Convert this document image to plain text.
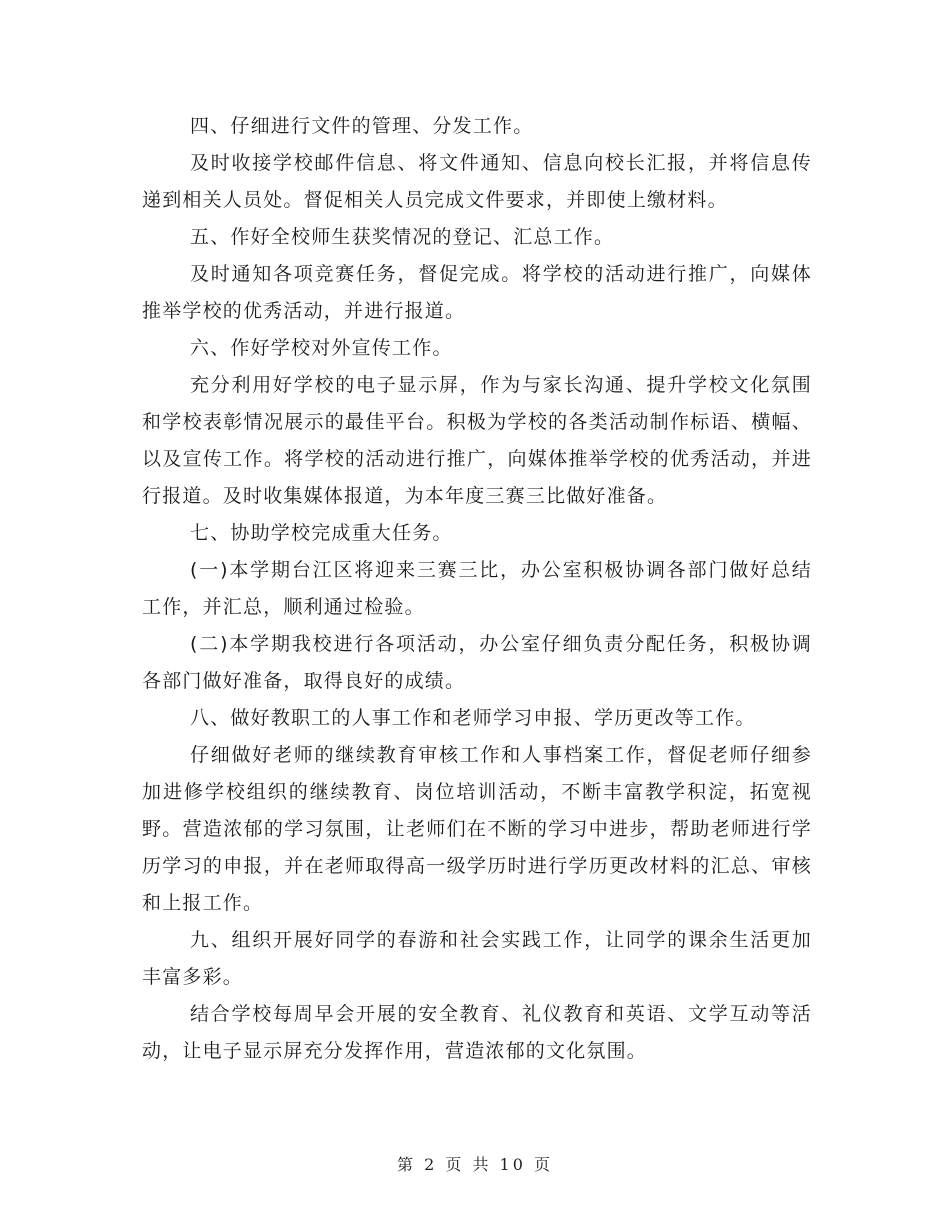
四、仔细进行文件的管理、分发工作。

及时收接学校邮件信息、将文件通知、信息向校长汇报，并将信息传递到相关人员处。督促相关人员完成文件要求，并即使上缴材料。

五、作好全校师生获奖情况的登记、汇总工作。

及时通知各项竞赛任务，督促完成。将学校的活动进行推广，向媒体推举学校的优秀活动，并进行报道。

六、作好学校对外宣传工作。

充分利用好学校的电子显示屏，作为与家长沟通、提升学校文化氛围和学校表彰情况展示的最佳平台。积极为学校的各类活动制作标语、横幅、以及宣传工作。将学校的活动进行推广，向媒体推举学校的优秀活动，并进行报道。及时收集媒体报道，为本年度三赛三比做好准备。

七、协助学校完成重大任务。

(一)本学期台江区将迎来三赛三比，办公室积极协调各部门做好总结工作，并汇总，顺利通过检验。

(二)本学期我校进行各项活动，办公室仔细负责分配任务，积极协调各部门做好准备，取得良好的成绩。

八、做好教职工的人事工作和老师学习申报、学历更改等工作。

仔细做好老师的继续教育审核工作和人事档案工作，督促老师仔细参加进修学校组织的继续教育、岗位培训活动，不断丰富教学积淀，拓宽视野。营造浓郁的学习氛围，让老师们在不断的学习中进步，帮助老师进行学历学习的申报，并在老师取得高一级学历时进行学历更改材料的汇总、审核和上报工作。

九、组织开展好同学的春游和社会实践工作，让同学的课余生活更加丰富多彩。

结合学校每周早会开展的安全教育、礼仪教育和英语、文学互动等活动，让电子显示屏充分发挥作用，营造浓郁的文化氛围。

第 2 页 共 10 页
